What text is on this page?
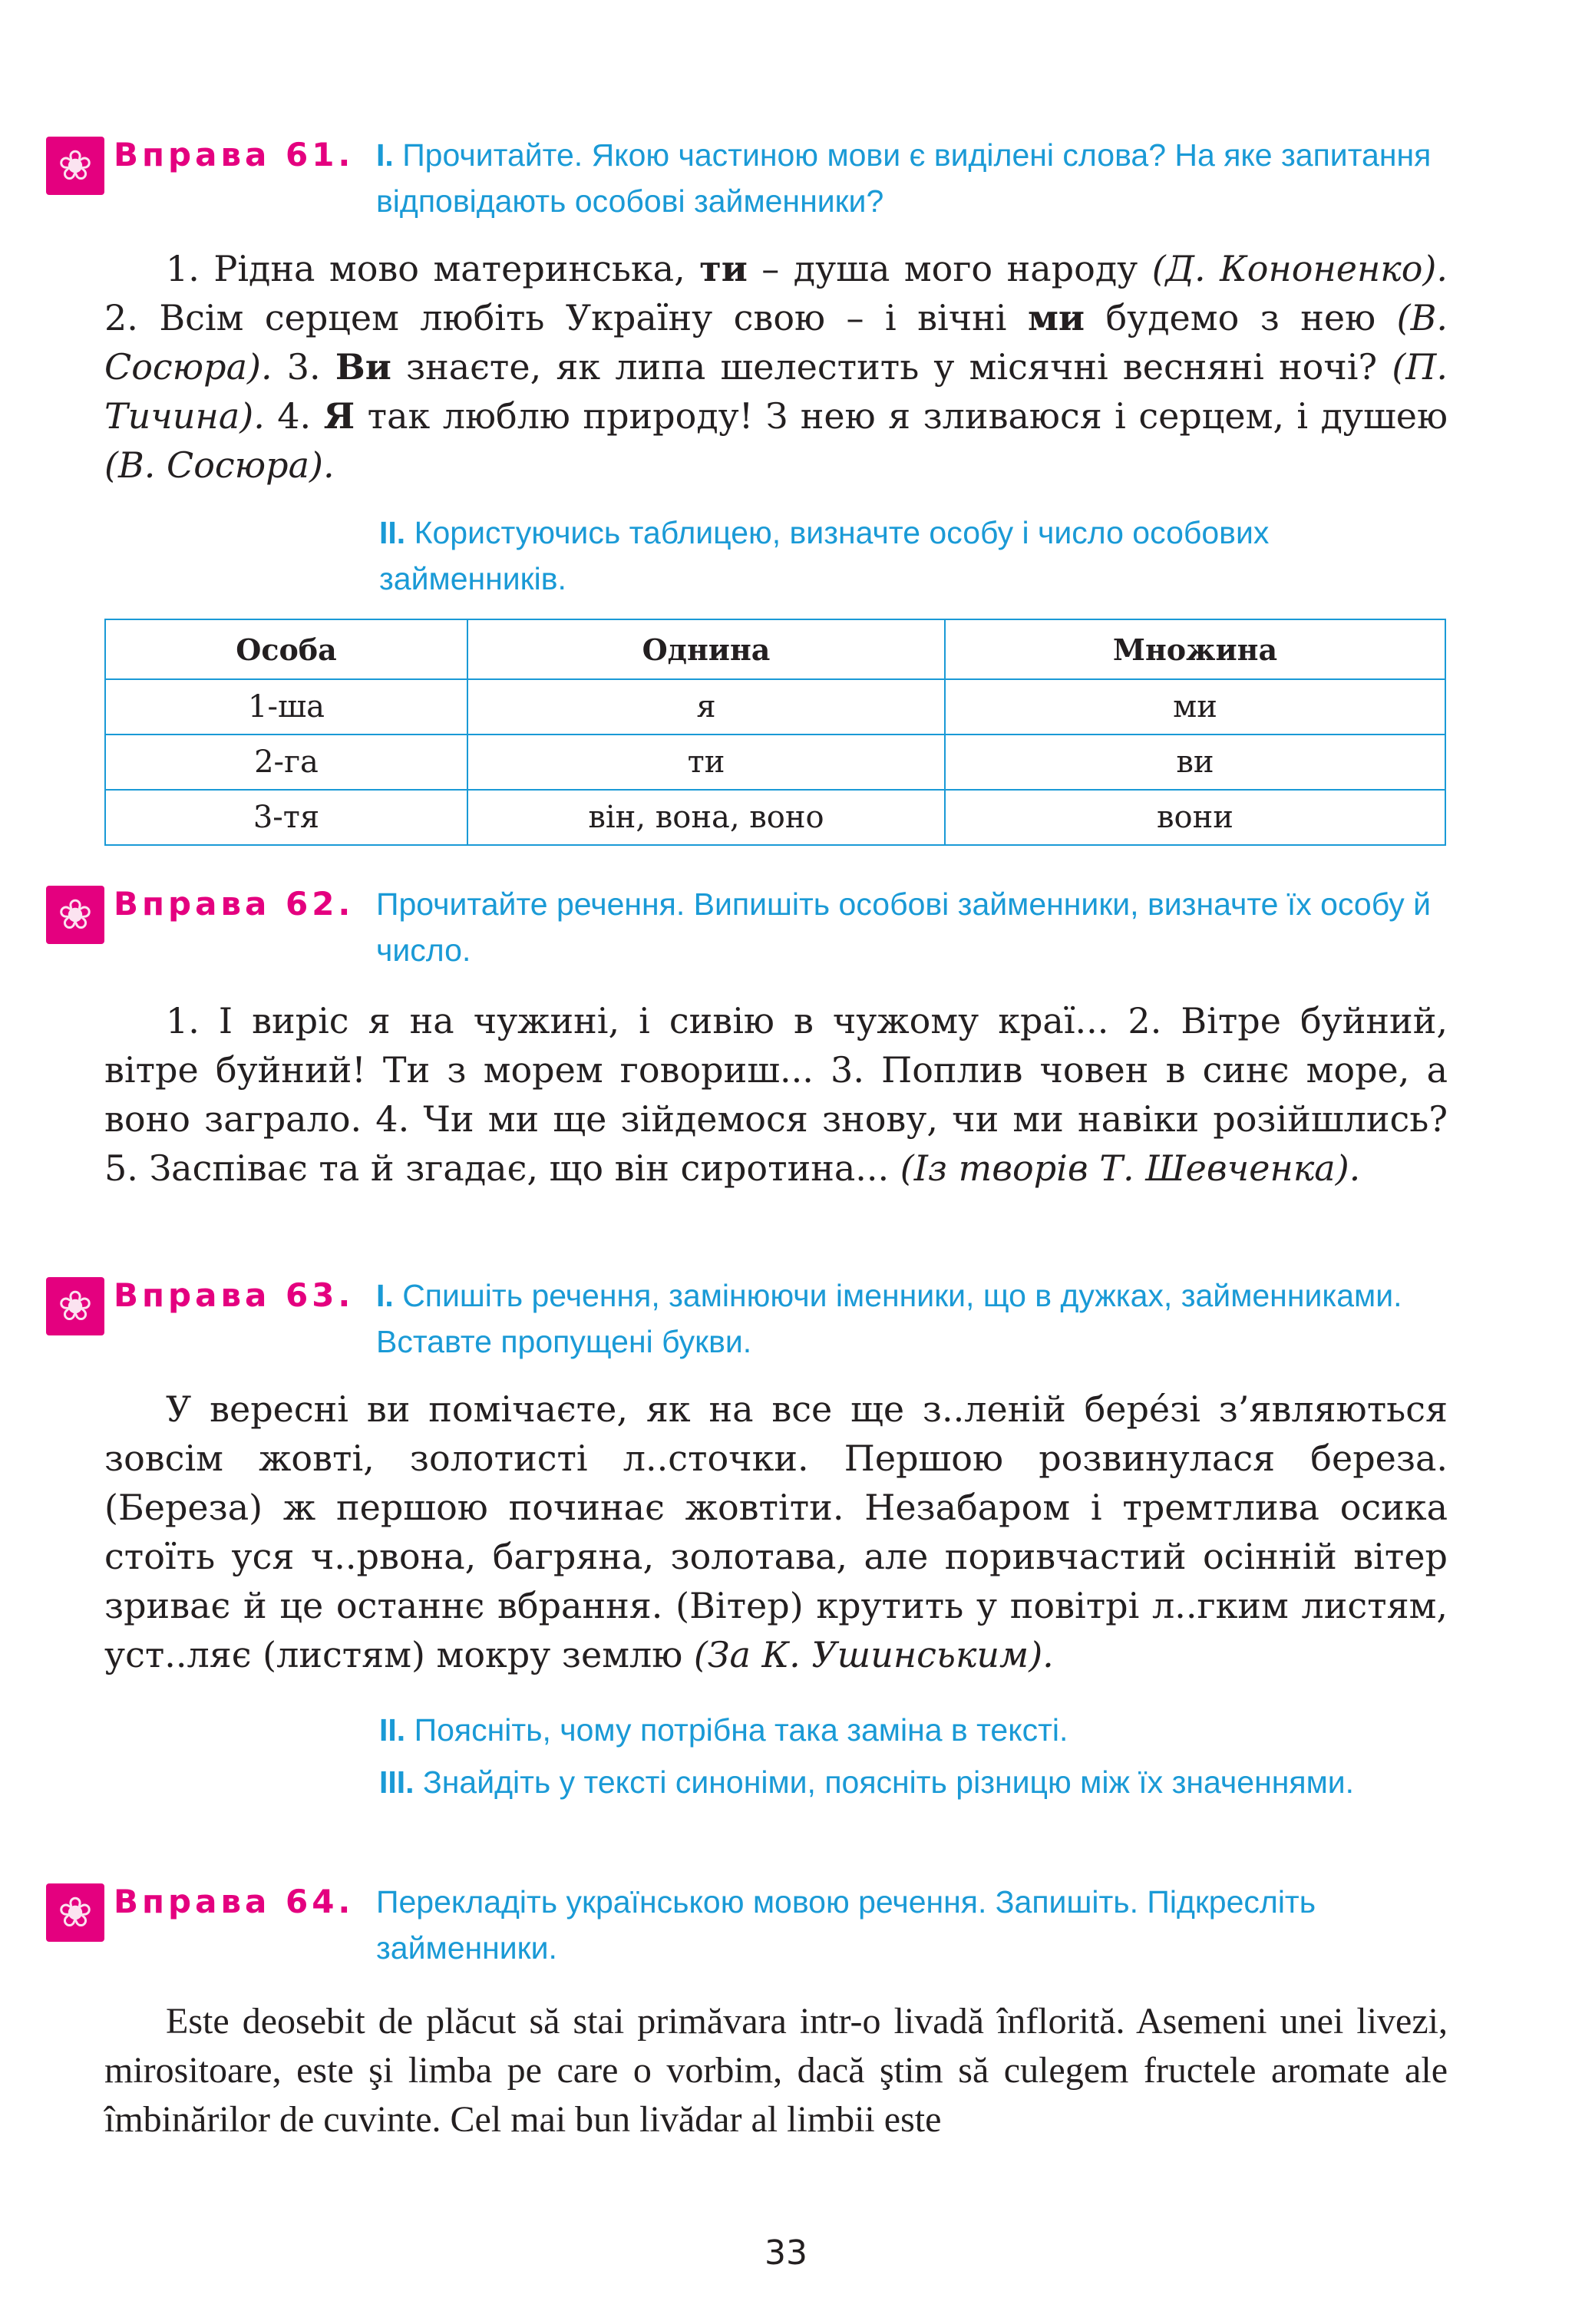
❀ Вправа 61. I. Прочитайте. Якою частиною мови є виділені слова? На яке запитання відповідають особові займенники?

1. Рідна мово материнська, ти – душа мого народу (Д. Кононенко). 2. Всім серцем любіть Україну свою – і вічні ми будемо з нею (В. Сосюра). 3. Ви знаєте, як липа шелестить у місячні весняні ночі? (П. Тичина). 4. Я так люблю природу! З нею я зливаюся і серцем, і душею (В. Сосюра).

II. Користуючись таблицею, визначте особу і число особових займенників.
Особа	Однина	Множина
1-ша	я	ми
2-га	ти	ви
3-тя	він, вона, воно	вони
❀ Вправа 62. Прочитайте речення. Випишіть особові займенники, визначте їх особу й число.

1. І виріс я на чужині, і сивію в чужому краї... 2. Вітре буйний, вітре буйний! Ти з морем говориш... 3. Поплив човен в синє море, а воно заграло. 4. Чи ми ще зійдемося знову, чи ми навіки розійшлись? 5. Заспіває та й згадає, що він сиротина... (Із творів Т. Шевченка).

❀ Вправа 63. I. Спишіть речення, замінюючи іменники, що в дужках, займенниками. Вставте пропущені букви.

У вересні ви помічаєте, як на все ще з..лeній берéзі з’являються зовсім жовті, золотисті л..сточки. Першою розвинулася береза. (Береза) ж першою починає жовтіти. Незабаром і тремтлива осика стоїть уся ч..рвона, багряна, золотава, але поривчастий осінній вітер зриває й це останнє вбрання. (Вітер) крутить у повітрі л..гким листям, уст..ляє (листям) мокру землю (За К. Ушинським).

II. Поясніть, чому потрібна така заміна в тексті.
III. Знайдіть у тексті синоніми, поясніть різницю між їх значеннями.
❀ Вправа 64. Перекладіть українською мовою речення. Запишіть. Підкресліть займенники.

Este deosebit de plăcut să stai primăvara intr-o livadă înflorită. Asemeni unei livezi, mirositoare, este şi limba pe care o vorbim, dacă ştim să culegem fructele aromate ale îmbinărilor de cuvinte. Cel mai bun livădar al limbii este

33
